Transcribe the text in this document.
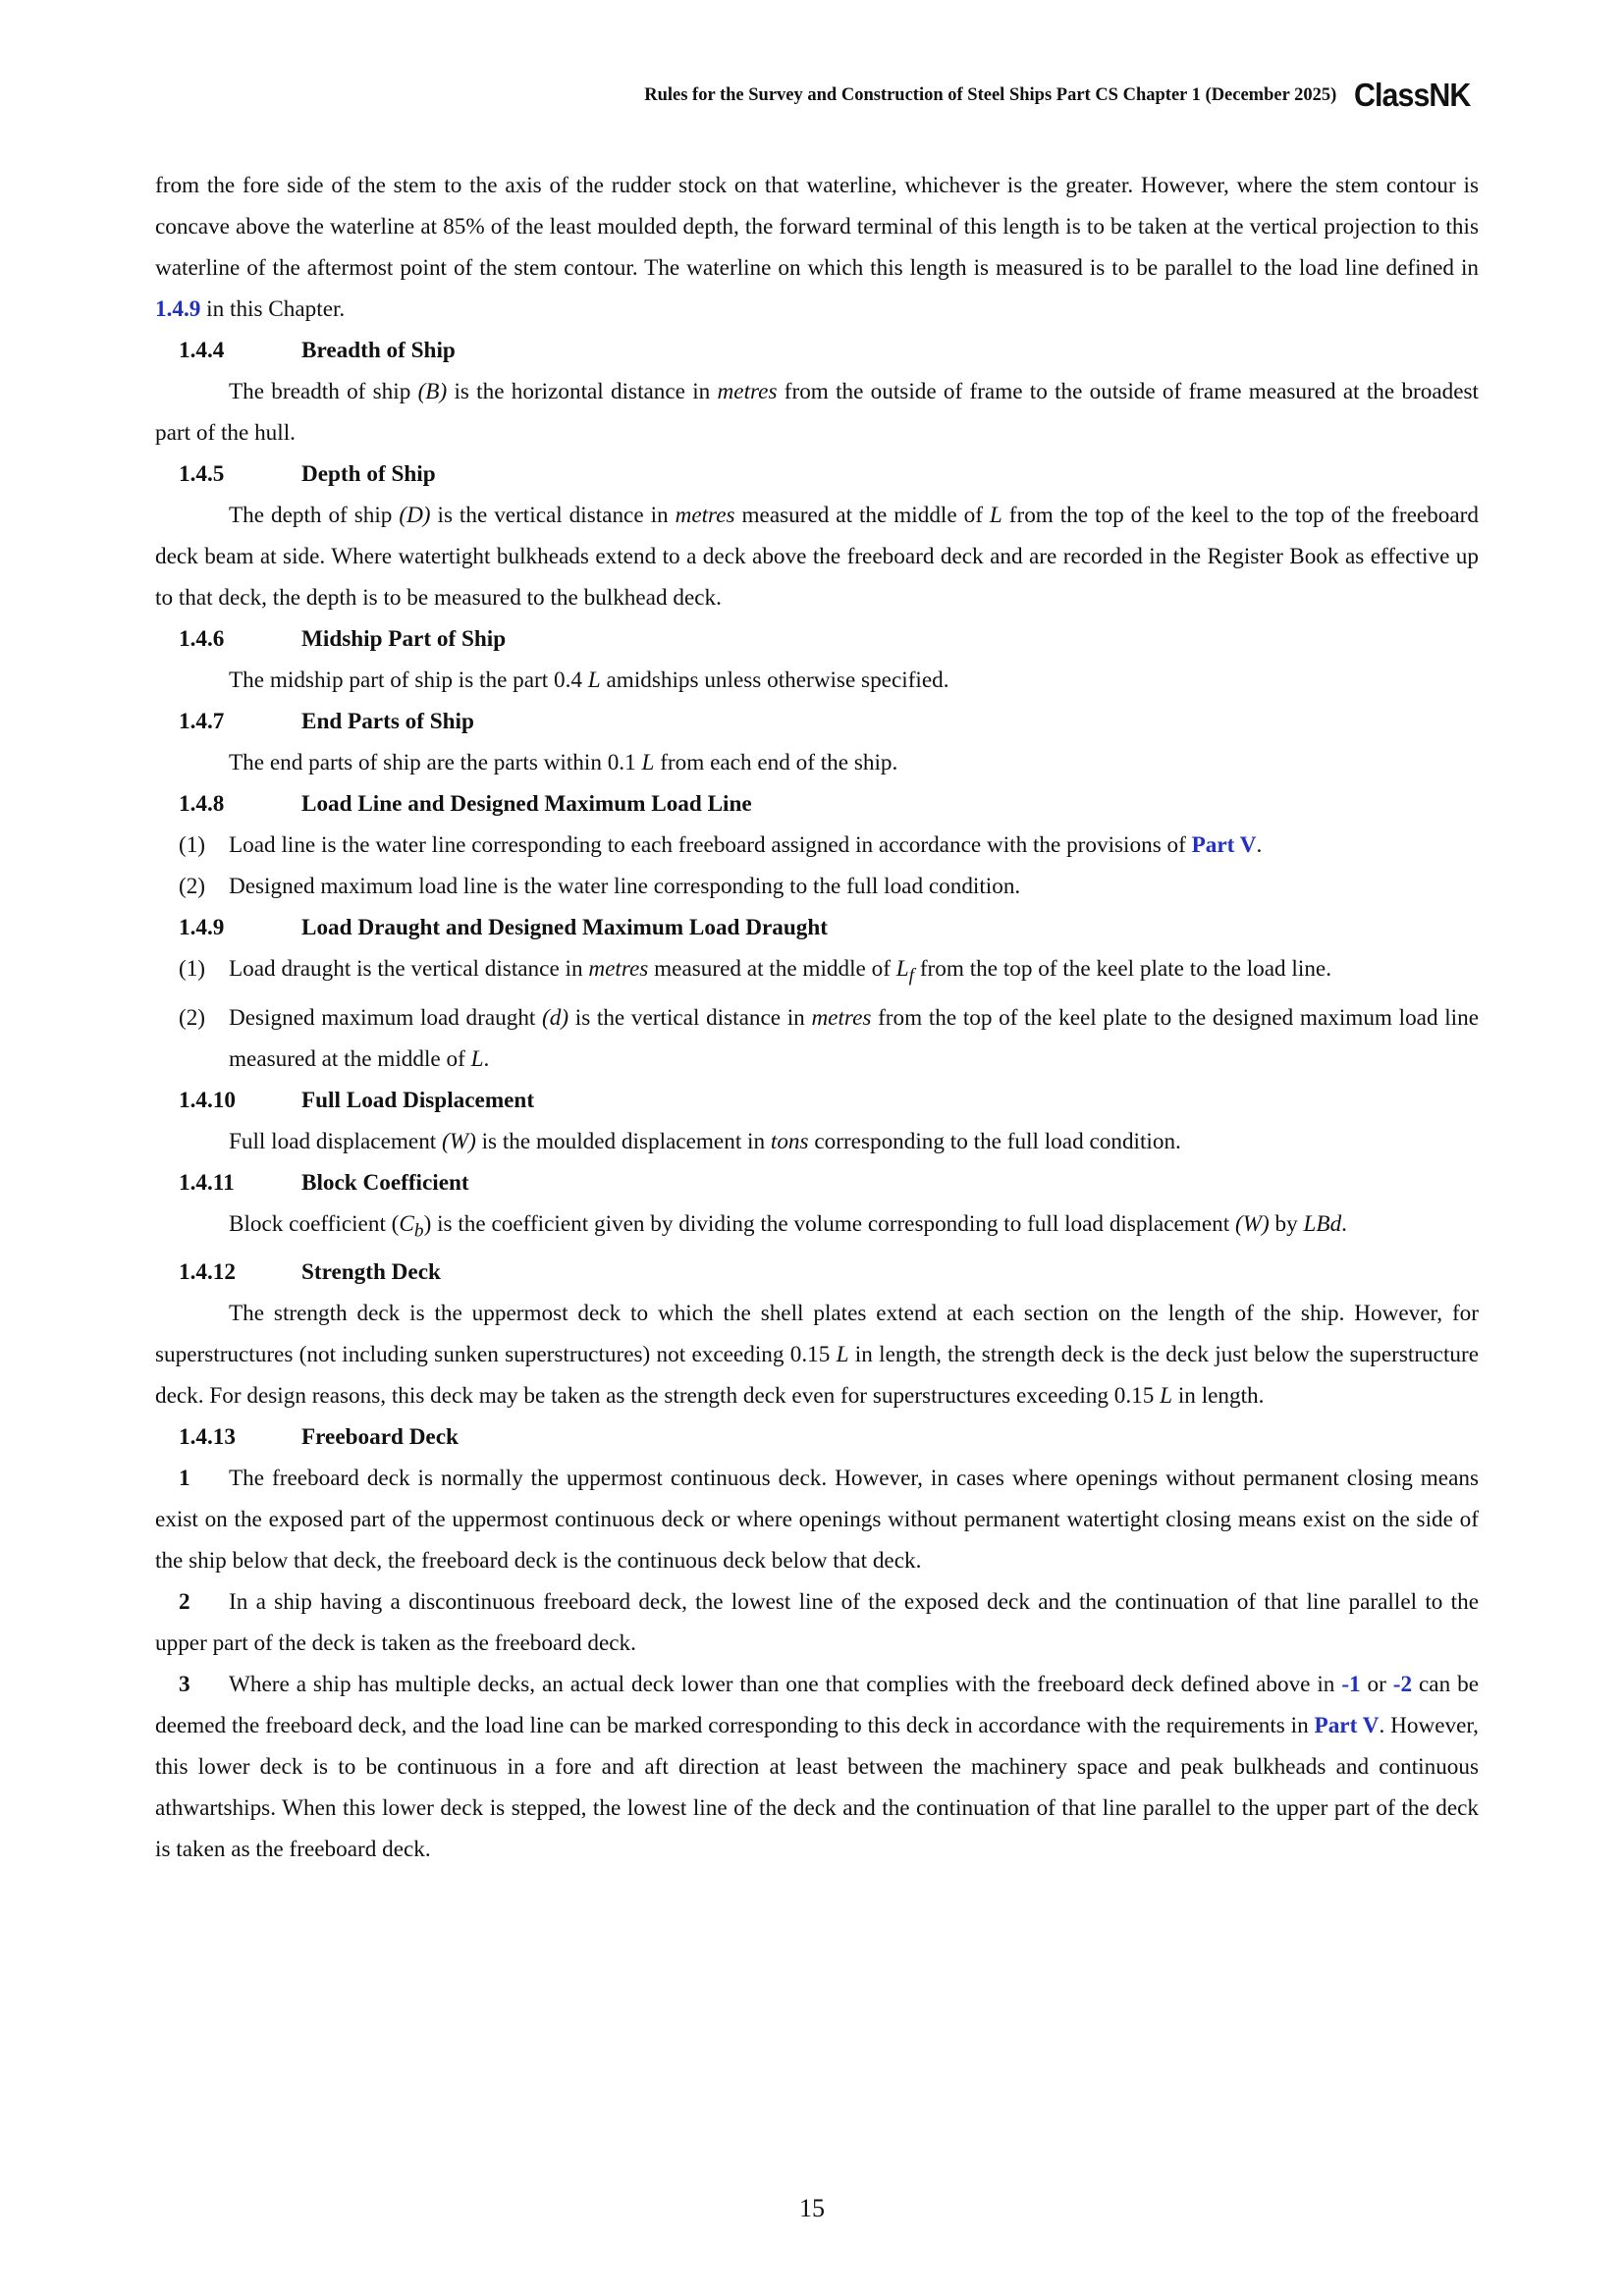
Rules for the Survey and Construction of Steel Ships Part CS Chapter 1 (December 2025) ClassNK

from the fore side of the stem to the axis of the rudder stock on that waterline, whichever is the greater. However, where the stem contour is concave above the waterline at 85% of the least moulded depth, the forward terminal of this length is to be taken at the vertical projection to this waterline of the aftermost point of the stem contour. The waterline on which this length is measured is to be parallel to the load line defined in 1.4.9 in this Chapter.

1.4.4	Breadth of Ship

The breadth of ship (B) is the horizontal distance in metres from the outside of frame to the outside of frame measured at the broadest part of the hull.

1.4.5	Depth of Ship

The depth of ship (D) is the vertical distance in metres measured at the middle of L from the top of the keel to the top of the freeboard deck beam at side. Where watertight bulkheads extend to a deck above the freeboard deck and are recorded in the Register Book as effective up to that deck, the depth is to be measured to the bulkhead deck.

1.4.6	Midship Part of Ship

The midship part of ship is the part 0.4 L amidships unless otherwise specified.

1.4.7	End Parts of Ship

The end parts of ship are the parts within 0.1 L from each end of the ship.

1.4.8	Load Line and Designed Maximum Load Line
(1)	Load line is the water line corresponding to each freeboard assigned in accordance with the provisions of Part V.
(2)	Designed maximum load line is the water line corresponding to the full load condition.
1.4.9	Load Draught and Designed Maximum Load Draught
(1)	Load draught is the vertical distance in metres measured at the middle of $L_f$ from the top of the keel plate to the load line.
(2)	Designed maximum load draught (d) is the vertical distance in metres from the top of the keel plate to the designed maximum load line measured at the middle of L.
1.4.10	Full Load Displacement

Full load displacement (W) is the moulded displacement in tons corresponding to the full load condition.

1.4.11	Block Coefficient

Block coefficient $(C_b)$ is the coefficient given by dividing the volume corresponding to full load displacement (W) by LBd.

1.4.12	Strength Deck

The strength deck is the uppermost deck to which the shell plates extend at each section on the length of the ship. However, for superstructures (not including sunken superstructures) not exceeding 0.15 L in length, the strength deck is the deck just below the superstructure deck. For design reasons, this deck may be taken as the strength deck even for superstructures exceeding 0.15 L in length.

1.4.13	Freeboard Deck

1 The freeboard deck is normally the uppermost continuous deck. However, in cases where openings without permanent closing means exist on the exposed part of the uppermost continuous deck or where openings without permanent watertight closing means exist on the side of the ship below that deck, the freeboard deck is the continuous deck below that deck.

2 In a ship having a discontinuous freeboard deck, the lowest line of the exposed deck and the continuation of that line parallel to the upper part of the deck is taken as the freeboard deck.

3 Where a ship has multiple decks, an actual deck lower than one that complies with the freeboard deck defined above in -1 or -2 can be deemed the freeboard deck, and the load line can be marked corresponding to this deck in accordance with the requirements in Part V. However, this lower deck is to be continuous in a fore and aft direction at least between the machinery space and peak bulkheads and continuous athwartships. When this lower deck is stepped, the lowest line of the deck and the continuation of that line parallel to the upper part of the deck is taken as the freeboard deck.

15
